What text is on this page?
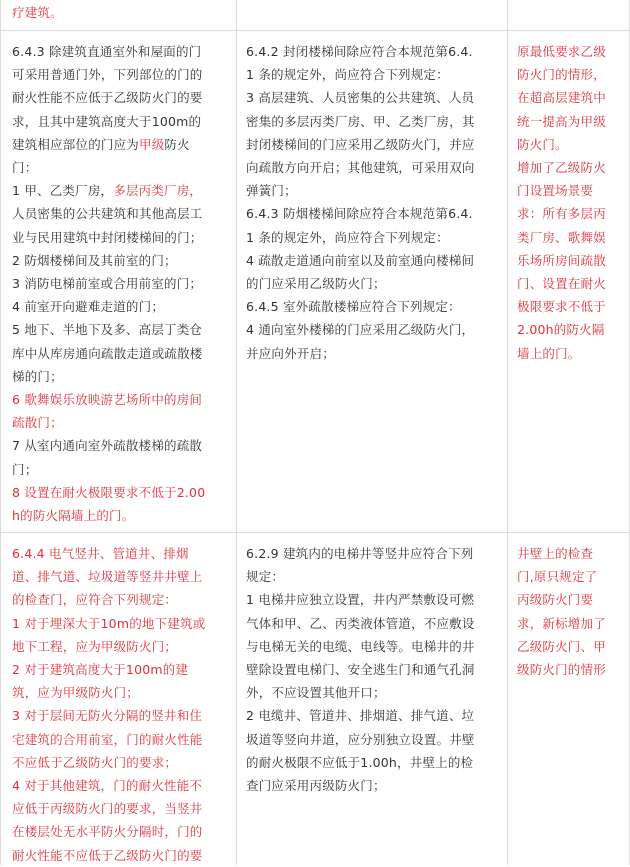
疗建筑。
6.4.3 除建筑直通室外和屋面的门
可采用普通门外，下列部位的门的
耐火性能不应低于乙级防火门的要
求，且其中建筑高度大于100m的
建筑相应部位的门应为甲级防火
门：
1 甲、乙类厂房，多层丙类厂房，
人员密集的公共建筑和其他高层工
业与民用建筑中封闭楼梯间的门；
2 防烟楼梯间及其前室的门；
3 消防电梯前室或合用前室的门；
4 前室开向避难走道的门；
5 地下、半地下及多、高层丁类仓
库中从库房通向疏散走道或疏散楼
梯的门；
6 歌舞娱乐放映游艺场所中的房间
疏散门；
7 从室内通向室外疏散楼梯的疏散
门；
8 设置在耐火极限要求不低于2.00
h的防火隔墙上的门。
6.4.2 封闭楼梯间除应符合本规范第6.4.
1 条的规定外，尚应符合下列规定：
3 高层建筑、人员密集的公共建筑、人员
密集的多层丙类厂房、甲、乙类厂房，其
封闭楼梯间的门应采用乙级防火门，并应
向疏散方向开启；其他建筑，可采用双向
弹簧门；
6.4.3 防烟楼梯间除应符合本规范第6.4.
1 条的规定外，尚应符合下列规定：
4 疏散走道通向前室以及前室通向楼梯间
的门应采用乙级防火门；
6.4.5 室外疏散楼梯应符合下列规定：
4 通向室外楼梯的门应采用乙级防火门，
并应向外开启；
原最低要求乙级
防火门的情形，
在超高层建筑中
统一提高为甲级
防火门。
增加了乙级防火
门设置场景要
求：所有多层丙
类厂房、歌舞娱
乐场所房间疏散
门、设置在耐火
极限要求不低于
2.00h的防火隔
墙上的门。
6.4.4 电气竖井、管道井、排烟
道、排气道、垃圾道等竖井井壁上
的检查门，应符合下列规定：
1 对于埋深大于10m的地下建筑或
地下工程，应为甲级防火门；
2 对于建筑高度大于100m的建
筑，应为甲级防火门；
3 对于层间无防火分隔的竖井和住
宅建筑的合用前室，门的耐火性能
不应低于乙级防火门的要求；
4 对于其他建筑，门的耐火性能不
应低于丙级防火门的要求，当竖井
在楼层处无水平防火分隔时，门的
耐火性能不应低于乙级防火门的要
6.2.9 建筑内的电梯井等竖井应符合下列
规定：
1 电梯井应独立设置，井内严禁敷设可燃
气体和甲、乙、丙类液体管道，不应敷设
与电梯无关的电缆、电线等。电梯井的井
壁除设置电梯门、安全逃生门和通气孔洞
外，不应设置其他开口；
2 电缆井、管道井、排烟道、排气道、垃
圾道等竖向井道，应分别独立设置。井壁
的耐火极限不应低于1.00h，井壁上的检
查门应采用丙级防火门；
井壁上的检查
门,原只规定了
丙级防火门要
求，新标增加了
乙级防火门、甲
级防火门的情形
